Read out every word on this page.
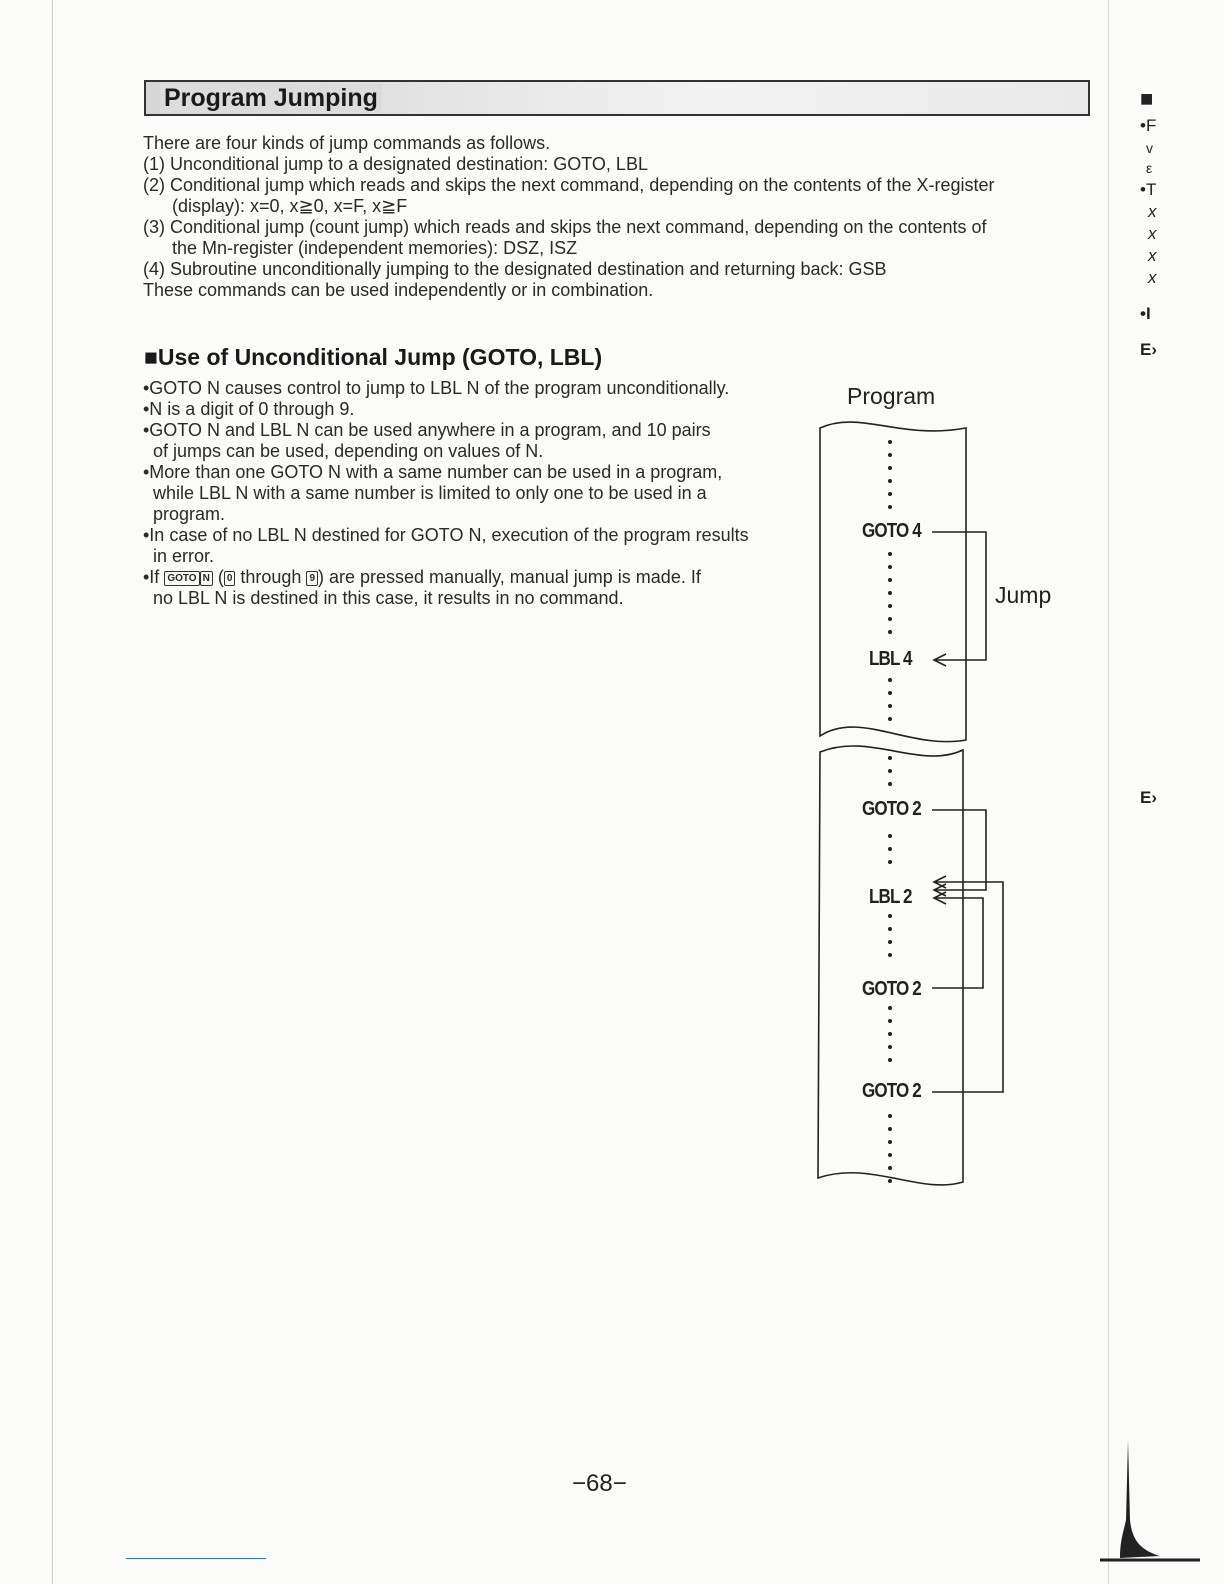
Program Jumping
There are four kinds of jump commands as follows.
(1) Unconditional jump to a designated destination: GOTO, LBL
(2) Conditional jump which reads and skips the next command, depending on the contents of the X-register
(display): x=0, x≧0, x=F, x≧F
(3) Conditional jump (count jump) which reads and skips the next command, depending on the contents of
the Mn-register (independent memories): DSZ, ISZ
(4) Subroutine unconditionally jumping to the designated destination and returning back: GSB
These commands can be used independently or in combination.
■Use of Unconditional Jump (GOTO, LBL)
•GOTO N causes control to jump to LBL N of the program unconditionally.
•N is a digit of 0 through 9.
•GOTO N and LBL N can be used anywhere in a program, and 10 pairs
of jumps can be used, depending on values of N.
•More than one GOTO N with a same number can be used in a program,
while LBL N with a same number is limited to only one to be used in a
program.
•In case of no LBL N destined for GOTO N, execution of the program results
in error.
•If GOTO N ( 0 through 9 ) are pressed manually, manual jump is made. If
no LBL N is destined in this case, it results in no command.
Program
Jump
GOTO 4
LBL 4
GOTO 2
LBL 2
GOTO 2
GOTO 2
■
•F
v
ε
•T
x
x
x
x
•I
E›
E›
−68−
